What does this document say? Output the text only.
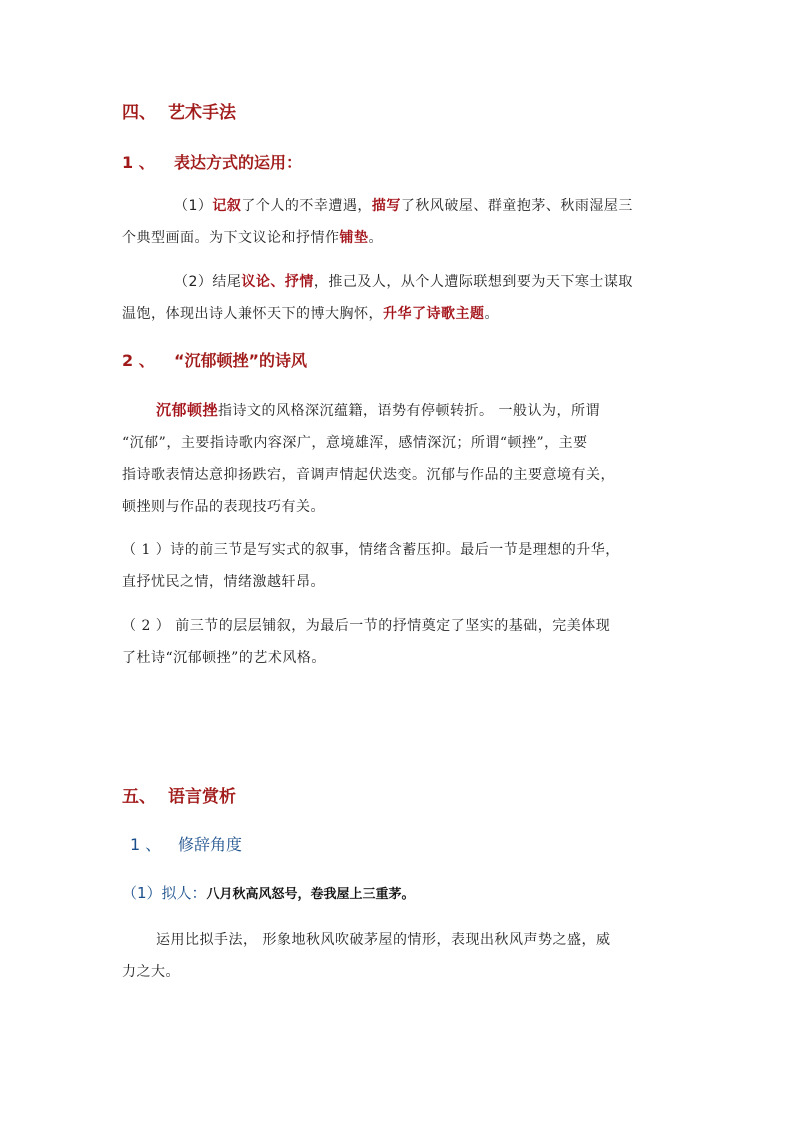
四、 艺术手法
1 、 表达方式的运用：
（1）记叙了个人的不幸遭遇，描写了秋风破屋、群童抱茅、秋雨湿屋三
个典型画面。为下文议论和抒情作铺垫。
（2）结尾议论、抒情，推己及人，从个人遭际联想到要为天下寒士谋取
温饱，体现出诗人兼怀天下的博大胸怀，升华了诗歌主题。
2 、 “沉郁顿挫”的诗风
沉郁顿挫指诗文的风格深沉蕴籍，语势有停顿转折。 一般认为，所谓
“沉郁”，主要指诗歌内容深广，意境雄浑，感情深沉；所谓“顿挫”，主要
指诗歌表情达意抑扬跌宕，音调声情起伏迭变。沉郁与作品的主要意境有关，
顿挫则与作品的表现技巧有关。
（ 1 ）诗的前三节是写实式的叙事，情绪含蓄压抑。最后一节是理想的升华，
直抒忧民之情，情绪激越轩昂。
（ 2 ） 前三节的层层铺叙，为最后一节的抒情奠定了坚实的基础，完美体现
了杜诗“沉郁顿挫”的艺术风格。
五、 语言赏析
1 、 修辞角度
（1）拟人：八月秋高风怒号，卷我屋上三重茅。
运用比拟手法， 形象地秋风吹破茅屋的情形，表现出秋风声势之盛，威
力之大。
